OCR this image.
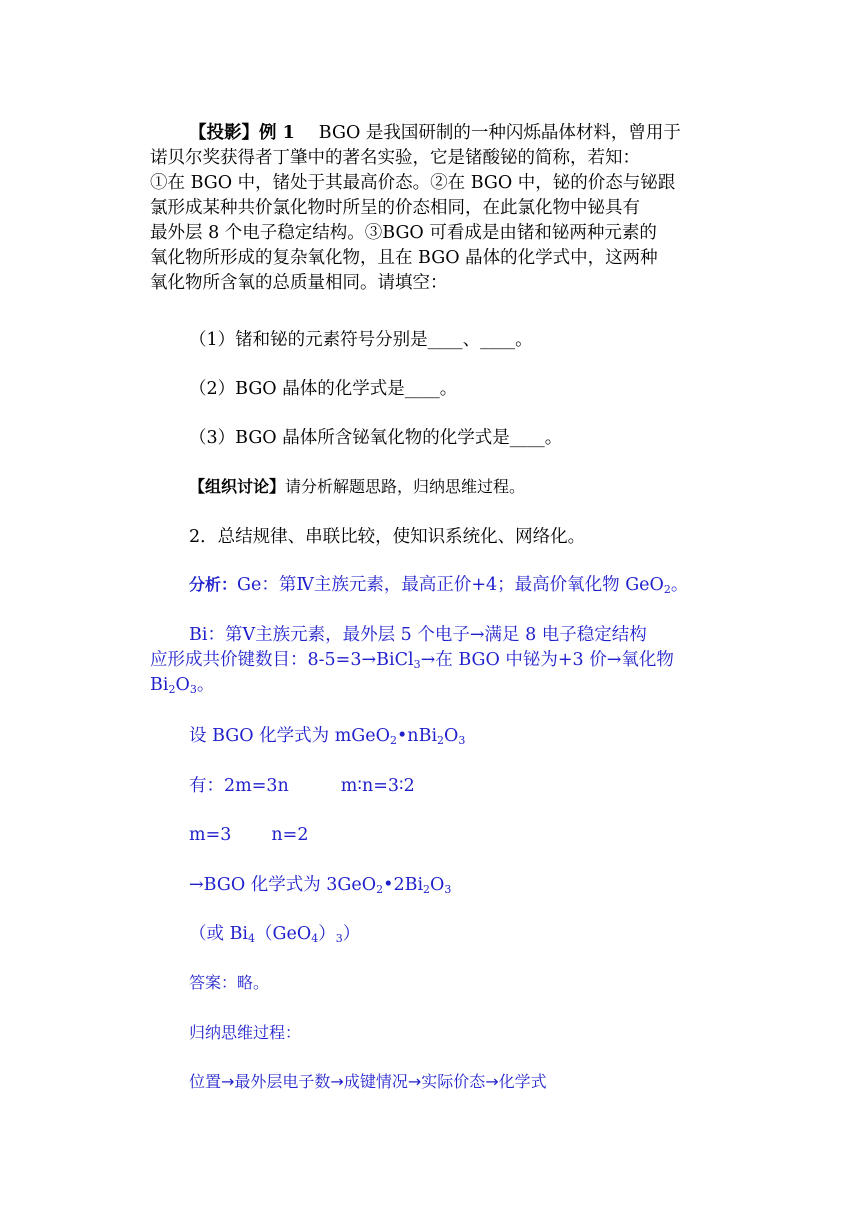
【投影】例 1 BGO 是我国研制的一种闪烁晶体材料，曾用于
诺贝尔奖获得者丁肇中的著名实验，它是锗酸铋的简称，若知：
①在 BGO 中，锗处于其最高价态。②在 BGO 中，铋的价态与铋跟
氯形成某种共价氯化物时所呈的价态相同，在此氯化物中铋具有
最外层 8 个电子稳定结构。③BGO 可看成是由锗和铋两种元素的
氧化物所形成的复杂氧化物，且在 BGO 晶体的化学式中，这两种
氧化物所含氧的总质量相同。请填空：
（1）锗和铋的元素符号分别是____、____。
（2）BGO 晶体的化学式是____。
（3）BGO 晶体所含铋氧化物的化学式是____。
【组织讨论】请分析解题思路，归纳思维过程。
2．总结规律、串联比较，使知识系统化、网络化。
分析：Ge：第Ⅳ主族元素，最高正价+4；最高价氧化物 GeO$_2$。
Bi：第Ⅴ主族元素，最外层 5 个电子→满足 8 电子稳定结构
应形成共价键数目：8-5=3→BiCl$_3$→在 BGO 中铋为+3 价→氧化物
$Bi_2O_3$。
设 BGO 化学式为 $mGeO_2•nBi_2O_3$
有：2m=3n	m∶n=3∶2
m=3 n=2
→BGO 化学式为 $3GeO_2•2Bi_2O_3$
（或 $Bi_4(GeO_4)_3$）
答案：略。
归纳思维过程：
位置→最外层电子数→成键情况→实际价态→化学式
